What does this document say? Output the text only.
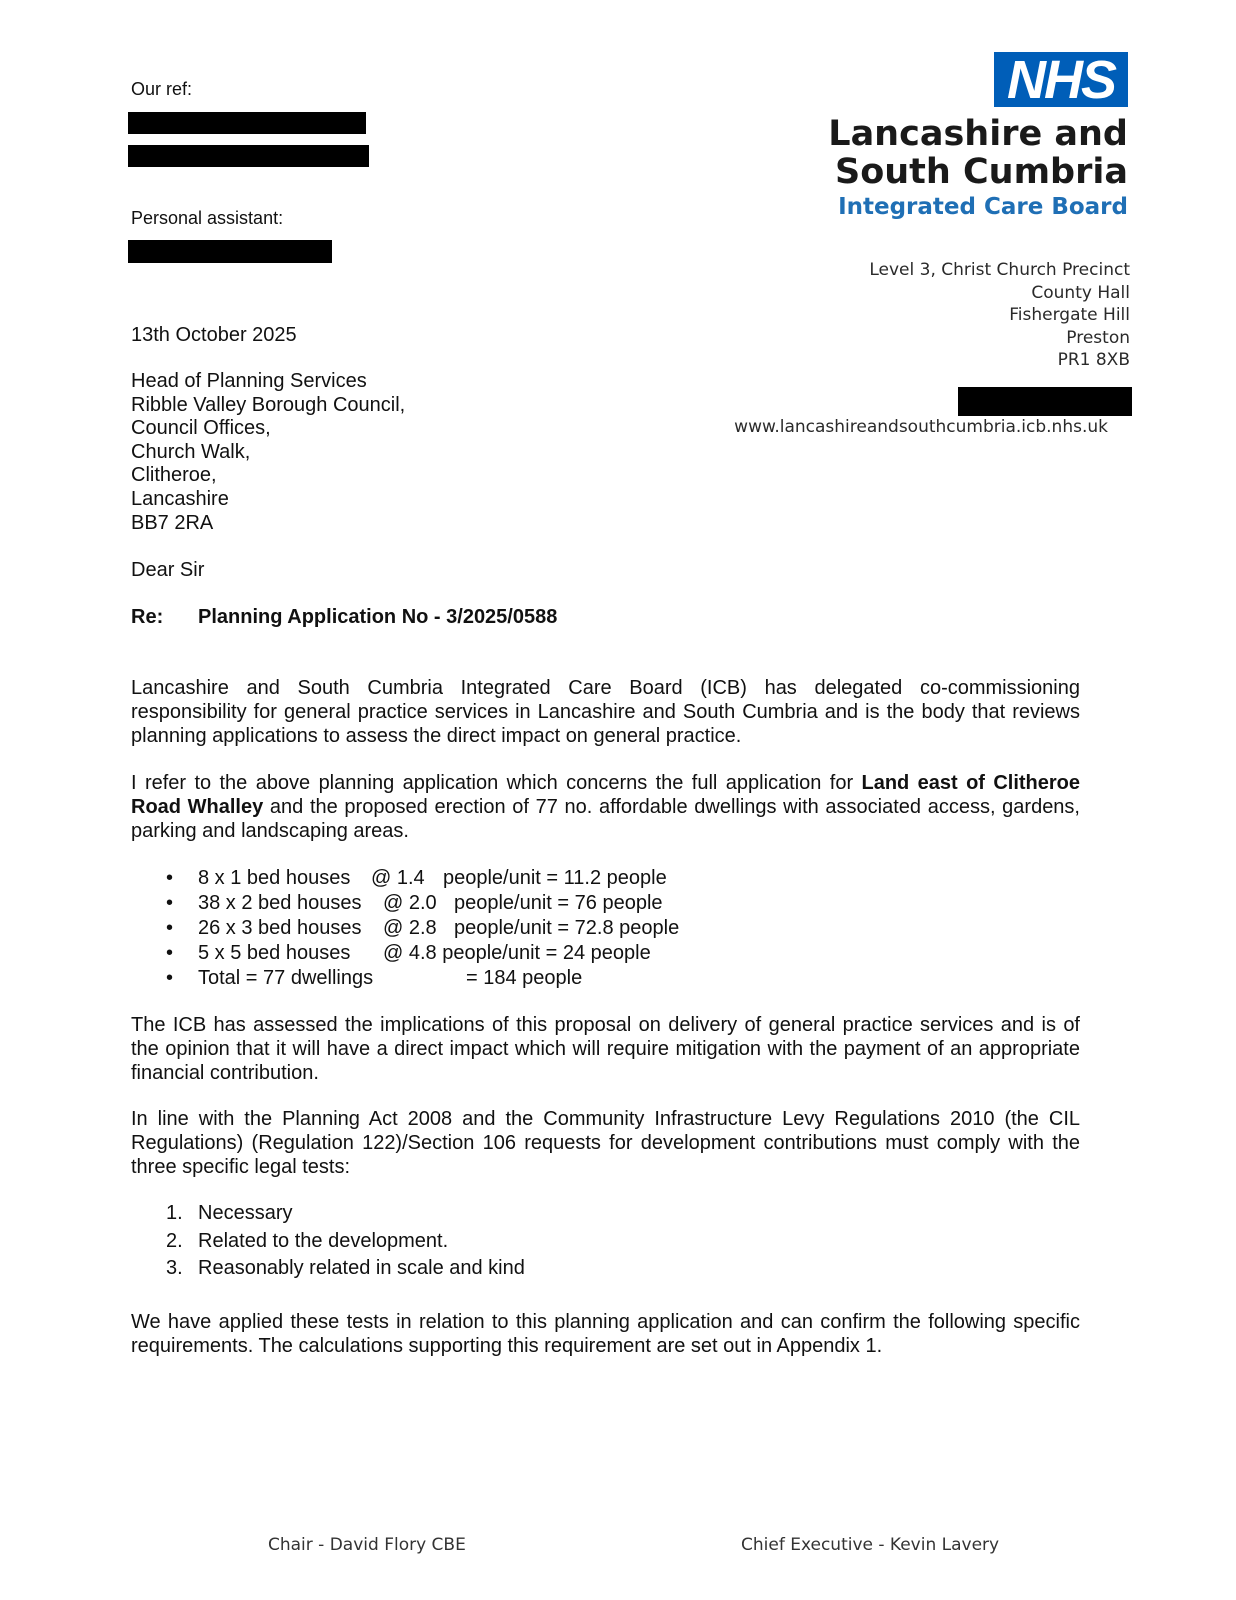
Our ref:
Personal assistant:
NHS
Lancashire and
South Cumbria
Integrated Care Board
Level 3, Christ Church Precinct
County Hall
Fishergate Hill
Preston
PR1 8XB
www.lancashireandsouthcumbria.icb.nhs.uk
13th October 2025
Head of Planning Services
Ribble Valley Borough Council,
Council Offices,
Church Walk,
Clitheroe,
Lancashire
BB7 2RA
Dear Sir
Re: Planning Application No - 3/2025/0588
Lancashire and South Cumbria Integrated Care Board (ICB) has delegated co-commissioning responsibility for general practice services in Lancashire and South Cumbria and is the body that reviews planning applications to assess the direct impact on general practice.
I refer to the above planning application which concerns the full application for Land east of Clitheroe Road Whalley and the proposed erection of 77 no. affordable dwellings with associated access, gardens, parking and landscaping areas.
• 8 x 1 bed houses @ 1.4 people/unit = 11.2 people
• 38 x 2 bed houses @ 2.0 people/unit = 76 people
• 26 x 3 bed houses @ 2.8 people/unit = 72.8 people
• 5 x 5 bed houses @ 4.8 people/unit = 24 people
• Total = 77 dwellings	= 184 people
The ICB has assessed the implications of this proposal on delivery of general practice services and is of the opinion that it will have a direct impact which will require mitigation with the payment of an appropriate financial contribution.
In line with the Planning Act 2008 and the Community Infrastructure Levy Regulations 2010 (the CIL Regulations) (Regulation 122)/Section 106 requests for development contributions must comply with the three specific legal tests:
1. Necessary
2. Related to the development.
3. Reasonably related in scale and kind
We have applied these tests in relation to this planning application and can confirm the following specific requirements. The calculations supporting this requirement are set out in Appendix 1.
Chair - David Flory CBE	Chief Executive - Kevin Lavery
